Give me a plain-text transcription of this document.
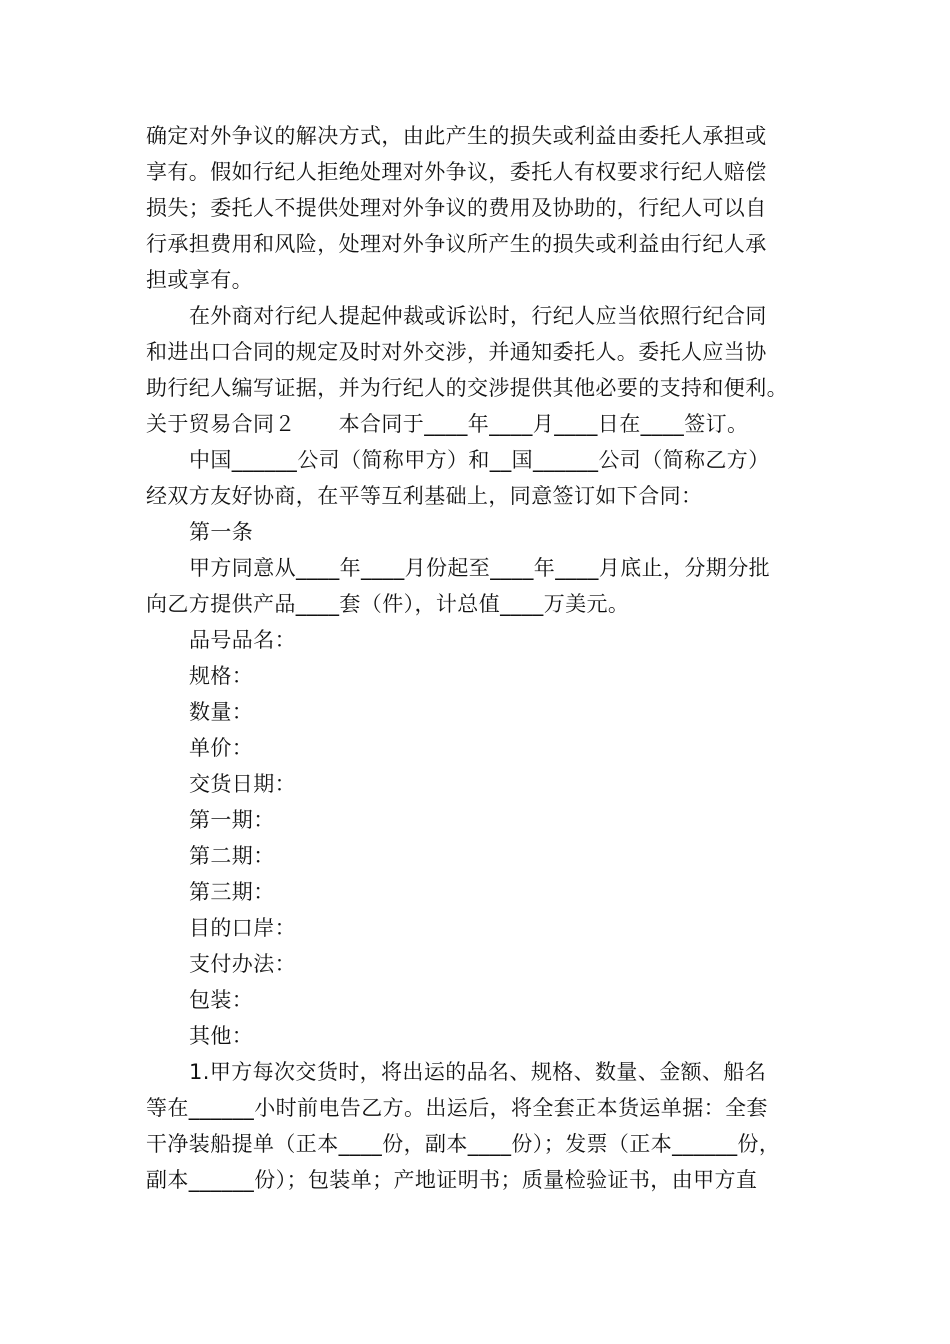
确定对外争议的解决方式，由此产生的损失或利益由委托人承担或
享有。假如行纪人拒绝处理对外争议，委托人有权要求行纪人赔偿
损失；委托人不提供处理对外争议的费用及协助的，行纪人可以自
行承担费用和风险，处理对外争议所产生的损失或利益由行纪人承
担或享有。

在外商对行纪人提起仲裁或诉讼时，行纪人应当依照行纪合同
和进出口合同的规定及时对外交涉，并通知委托人。委托人应当协
助行纪人编写证据，并为行纪人的交涉提供其他必要的支持和便利。

关于贸易合同２　　本合同于____年____月____日在____签订。

中国______公司（简称甲方）和__国______公司（简称乙方）
经双方友好协商，在平等互利基础上，同意签订如下合同：

第一条

甲方同意从____年____月份起至____年____月底止，分期分批
向乙方提供产品____套（件），计总值____万美元。

品号品名：

规格：

数量：

单价：

交货日期：

第一期：

第二期：

第三期：

目的口岸：

支付办法：

包装：

其他：

1.甲方每次交货时，将出运的品名、规格、数量、金额、船名
等在______小时前电告乙方。出运后，将全套正本货运单据：全套
干净装船提单（正本____份，副本____份）；发票（正本______份，
副本______份）；包装单；产地证明书；质量检验证书，由甲方直
